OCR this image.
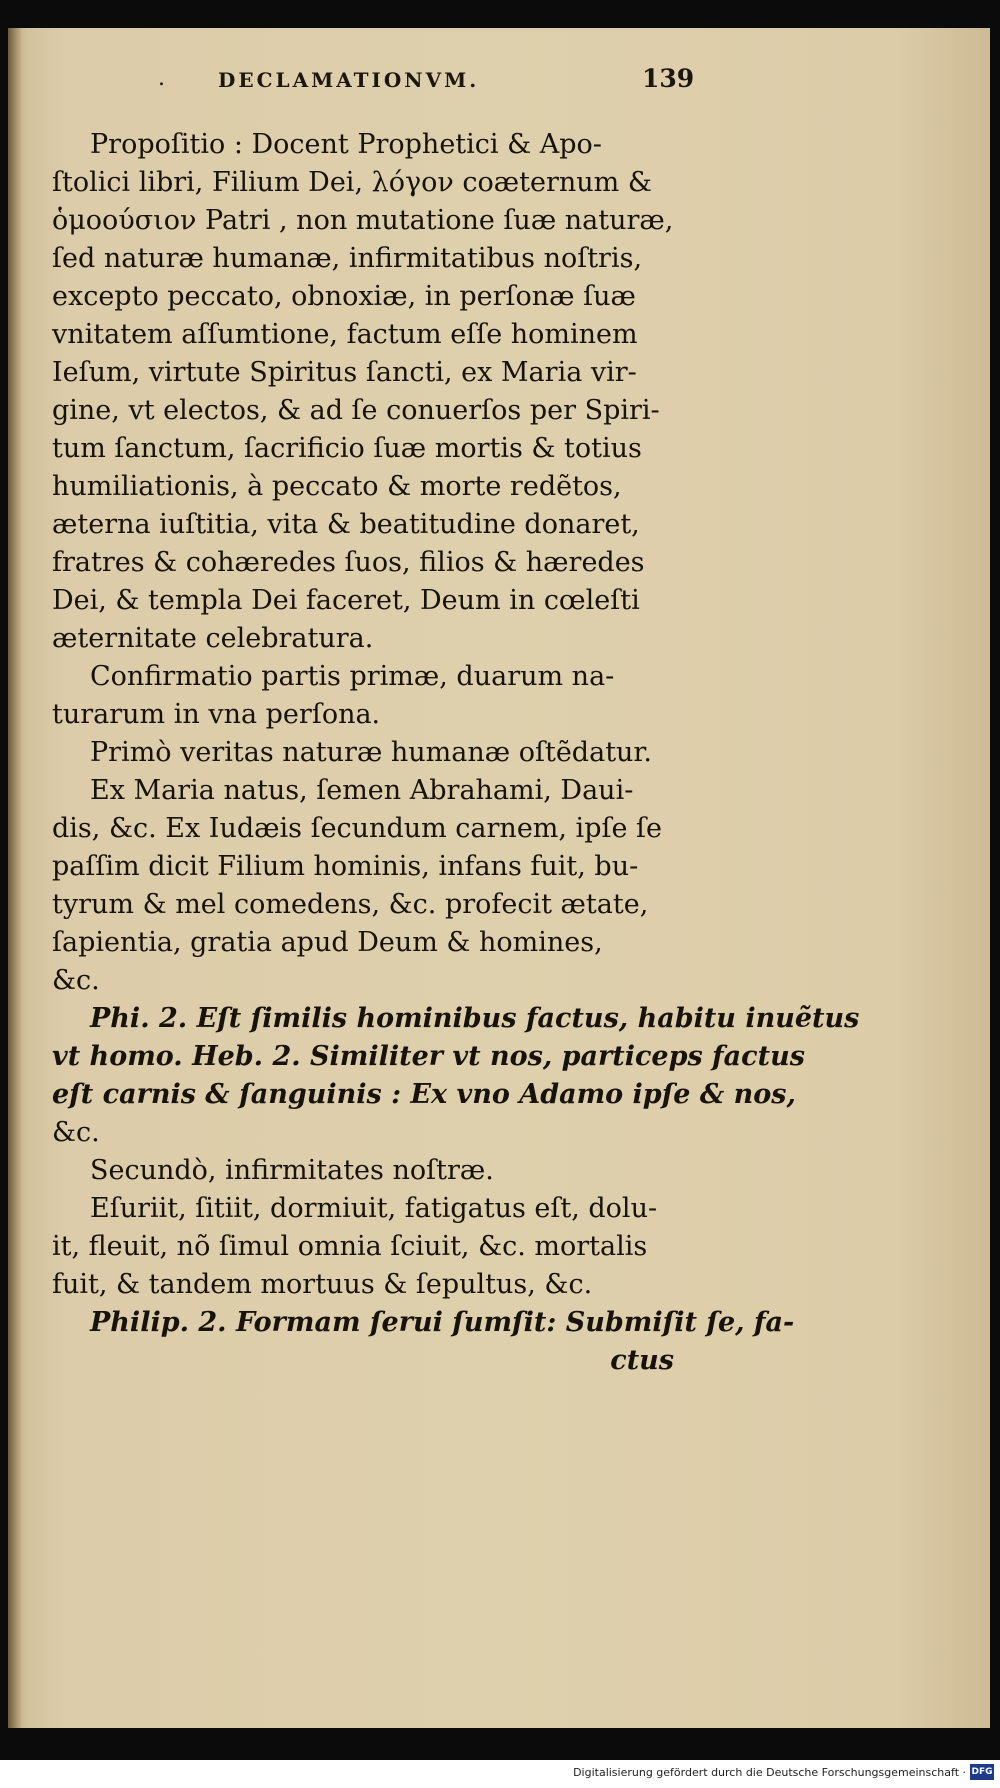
.	DECLAMATIONVM.	139
Propoſitio : Docent Prophetici & Apo-
ſtolici libri, Filium Dei, λόγον coæternum &
ὁμοούσιον Patri , non mutatione ſuæ naturæ,
ſed naturæ humanæ, infirmitatibus noſtris,
excepto peccato, obnoxiæ, in perſonæ ſuæ
vnitatem aſſumtione, factum eſſe hominem
Ieſum, virtute Spiritus ſancti, ex Maria vir-
gine, vt electos, & ad ſe conuerſos per Spiri-
tum ſanctum, ſacrificio ſuæ mortis & totius
humiliationis, à peccato & morte redẽtos,
æterna iuſtitia, vita & beatitudine donaret,
fratres & cohæredes ſuos, filios & hæredes
Dei, & templa Dei faceret, Deum in cœleſti
æternitate celebratura.
Confirmatio partis primæ, duarum na-
turarum in vna perſona.
Primò veritas naturæ humanæ oſtẽdatur.
Ex Maria natus, ſemen Abrahami, Daui-
dis, &c. Ex Iudæis ſecundum carnem, ipſe ſe
paſſim dicit Filium hominis, infans fuit, bu-
tyrum & mel comedens, &c. profecit ætate,
ſapientia, gratia apud Deum & homines,
&c.
Phi. 2. Eſt ſimilis hominibus factus, habitu inuẽtus
vt homo. Heb. 2. Similiter vt nos, particeps factus
eſt carnis & ſanguinis : Ex vno Adamo ipſe & nos,
&c.
Secundò, infirmitates noſtræ.
Eſuriit, ſitiit, dormiuit, fatigatus eſt, dolu-
it, fleuit, nõ ſimul omnia ſciuit, &c. mortalis
fuit, & tandem mortuus & ſepultus, &c.
Philip. 2. Formam ſerui ſumſit: Submiſit ſe, fa-
ctus
Digitalisierung gefördert durch die Deutsche Forschungsgemeinschaft · DFG
